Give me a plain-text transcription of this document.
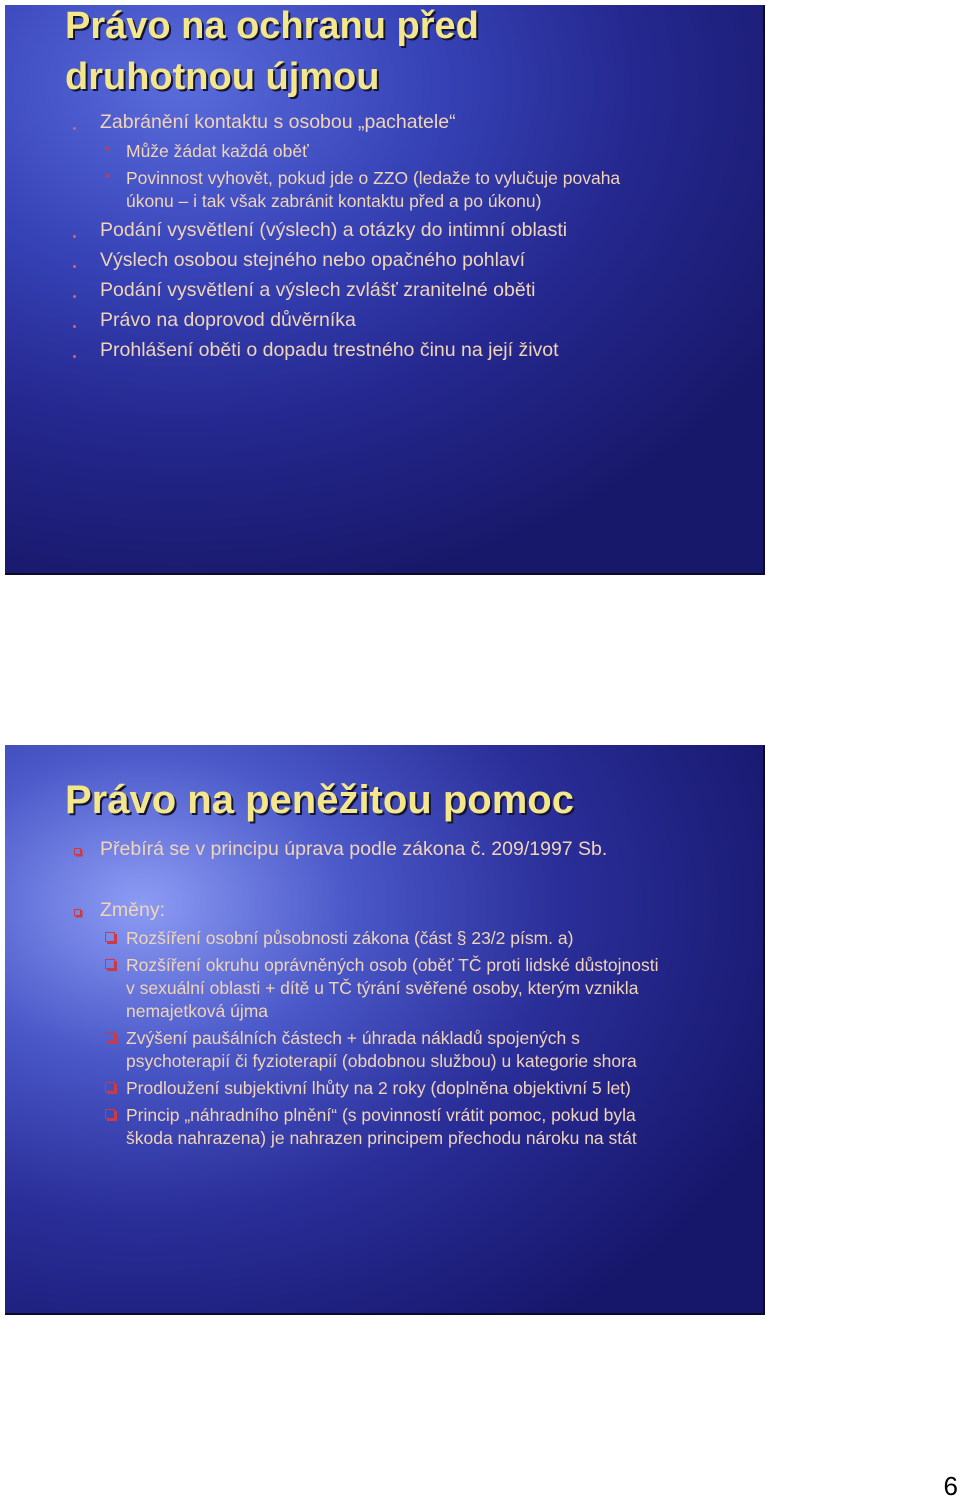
Právo na ochranu před
druhotnou újmou

Zabránění kontaktu s osobou „pachatele“

• Může žádat každá oběť

• Povinnost vyhovět, pokud jde o ZZO (ledaže to vylučuje povaha

úkonu – i tak však zabránit kontaktu před a po úkonu)

Podání vysvětlení (výslech) a otázky do intimní oblasti

Výslech osobou stejného nebo opačného pohlaví

Podání vysvětlení a výslech zvlášť zranitelné oběti

Právo na doprovod důvěrníka

Prohlášení oběti o dopadu trestného činu na její život

Právo na peněžitou pomoc

Přebírá se v principu úprava podle zákona č. 209/1997 Sb.

Změny:

Rozšíření osobní působnosti zákona (část § 23/2 písm. a)

Rozšíření okruhu oprávněných osob (oběť TČ proti lidské důstojnosti

v sexuální oblasti + dítě u TČ týrání svěřené osoby, kterým vznikla

nemajetková újma

Zvýšení paušálních částech + úhrada nákladů spojených s

psychoterapií či fyzioterapií (obdobnou službou) u kategorie shora

Prodloužení subjektivní lhůty na 2 roky (doplněna objektivní 5 let)

Princip „náhradního plnění“ (s povinností vrátit pomoc, pokud byla

škoda nahrazena) je nahrazen principem přechodu nároku na stát

6
